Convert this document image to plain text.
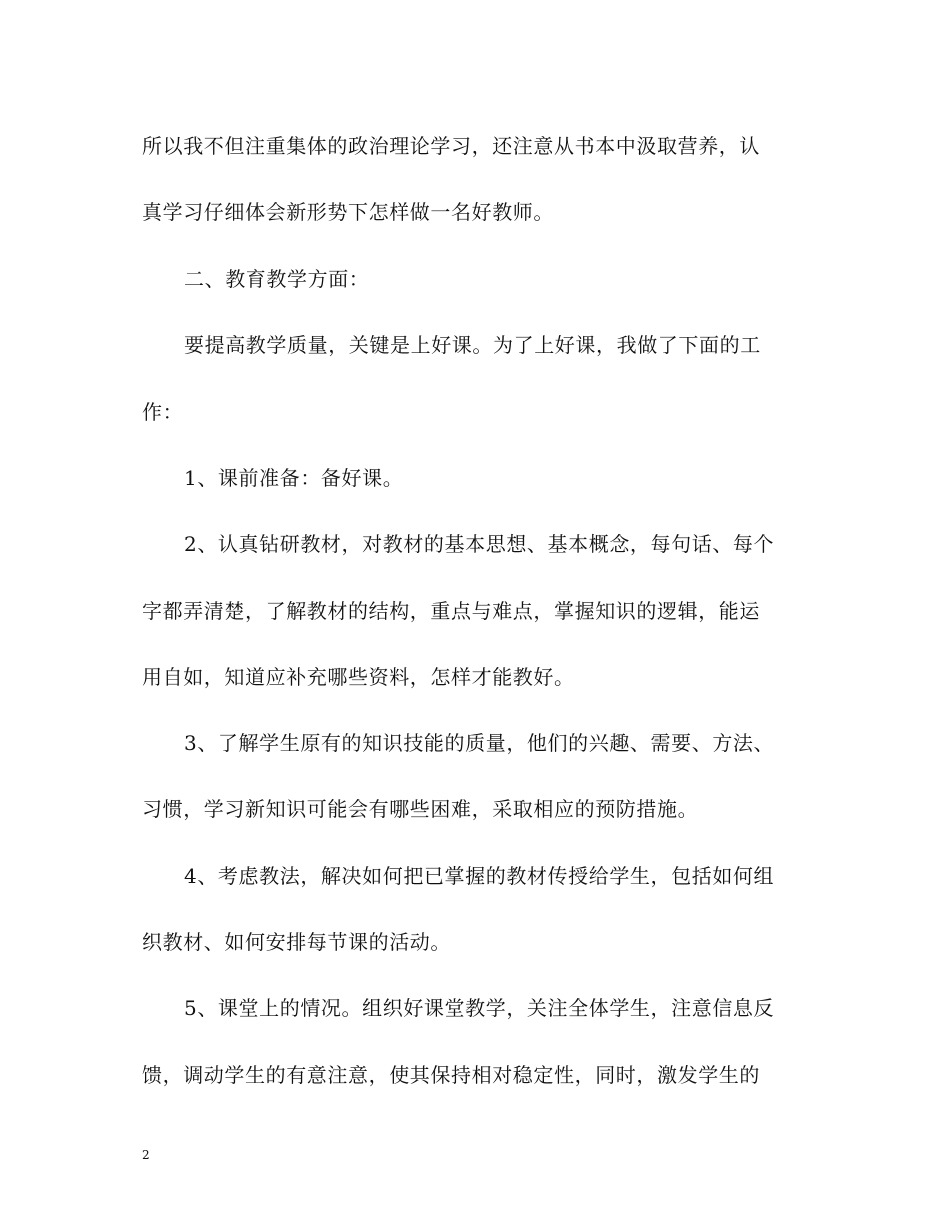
所以我不但注重集体的政治理论学习，还注意从书本中汲取营养，认
真学习仔细体会新形势下怎样做一名好教师。
二、教育教学方面：
要提高教学质量，关键是上好课。为了上好课，我做了下面的工
作：
1、课前准备：备好课。
2、认真钻研教材，对教材的基本思想、基本概念，每句话、每个
字都弄清楚，了解教材的结构，重点与难点，掌握知识的逻辑，能运
用自如，知道应补充哪些资料，怎样才能教好。
3、了解学生原有的知识技能的质量，他们的兴趣、需要、方法、
习惯，学习新知识可能会有哪些困难，采取相应的预防措施。
4、考虑教法，解决如何把已掌握的教材传授给学生，包括如何组
织教材、如何安排每节课的活动。
5、课堂上的情况。组织好课堂教学，关注全体学生，注意信息反
馈，调动学生的有意注意，使其保持相对稳定性，同时，激发学生的
2
